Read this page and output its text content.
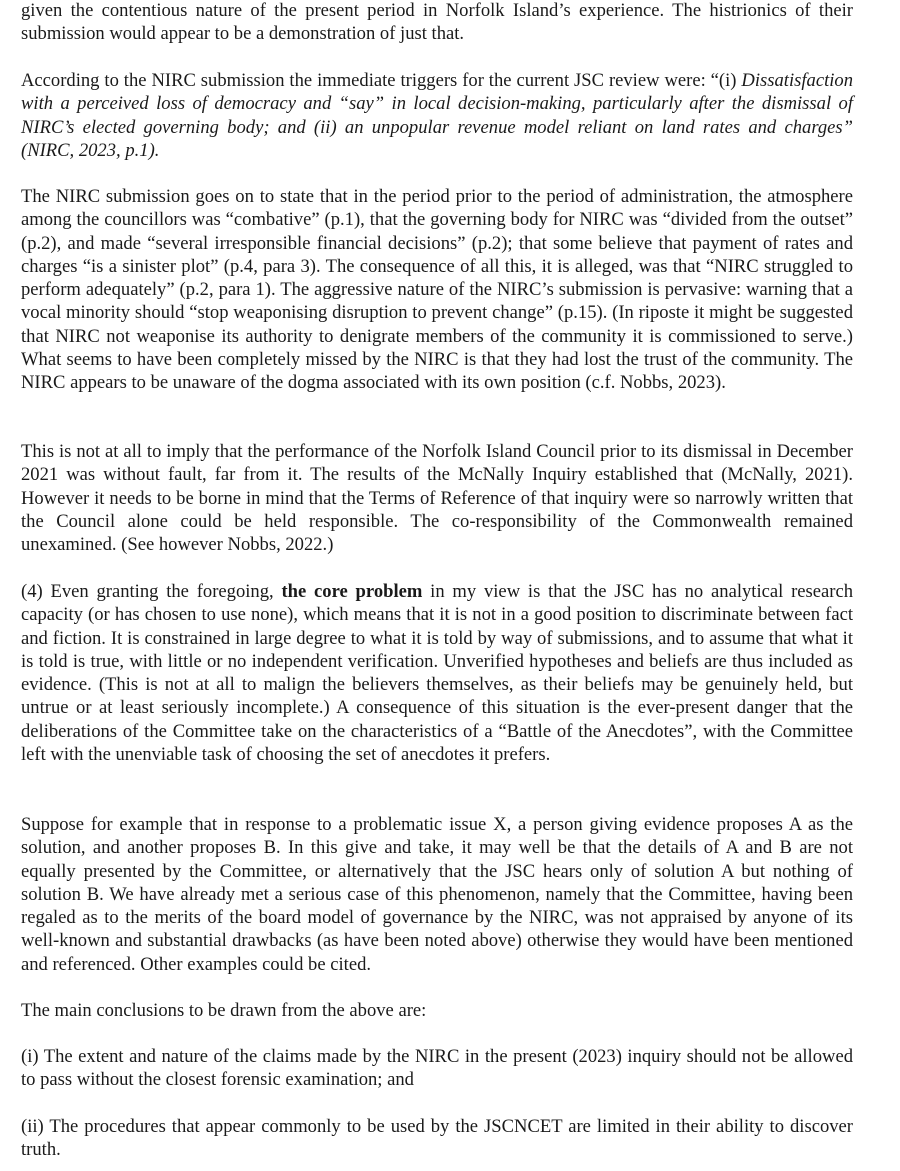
given the contentious nature of the present period in Norfolk Island’s experience. The histrionics of their submission would appear to be a demonstration of just that.

According to the NIRC submission the immediate triggers for the current JSC review were: “(i) Dissatisfaction with a perceived loss of democracy and “say” in local decision-making, particularly after the dismissal of NIRC’s elected governing body; and (ii) an unpopular revenue model reliant on land rates and charges” (NIRC, 2023, p.1).

The NIRC submission goes on to state that in the period prior to the period of administration, the atmosphere among the councillors was “combative” (p.1), that the governing body for NIRC was “divided from the outset” (p.2), and made “several irresponsible financial decisions” (p.2); that some believe that payment of rates and charges “is a sinister plot” (p.4, para 3). The consequence of all this, it is alleged, was that “NIRC struggled to perform adequately” (p.2, para 1). The aggressive nature of the NIRC’s submission is pervasive: warning that a vocal minority should “stop weaponising disruption to prevent change” (p.15). (In riposte it might be suggested that NIRC not weaponise its authority to denigrate members of the community it is commissioned to serve.) What seems to have been completely missed by the NIRC is that they had lost the trust of the community. The NIRC appears to be unaware of the dogma associated with its own position (c.f. Nobbs, 2023).

This is not at all to imply that the performance of the Norfolk Island Council prior to its dismissal in December 2021 was without fault, far from it. The results of the McNally Inquiry established that (McNally, 2021). However it needs to be borne in mind that the Terms of Reference of that inquiry were so narrowly written that the Council alone could be held responsible. The co-responsibility of the Commonwealth remained unexamined. (See however Nobbs, 2022.)

(4) Even granting the foregoing, the core problem in my view is that the JSC has no analytical research capacity (or has chosen to use none), which means that it is not in a good position to discriminate between fact and fiction. It is constrained in large degree to what it is told by way of submissions, and to assume that what it is told is true, with little or no independent verification. Unverified hypotheses and beliefs are thus included as evidence. (This is not at all to malign the believers themselves, as their beliefs may be genuinely held, but untrue or at least seriously incomplete.) A consequence of this situation is the ever-present danger that the deliberations of the Committee take on the characteristics of a “Battle of the Anecdotes”, with the Committee left with the unenviable task of choosing the set of anecdotes it prefers.

Suppose for example that in response to a problematic issue X, a person giving evidence proposes A as the solution, and another proposes B. In this give and take, it may well be that the details of A and B are not equally presented by the Committee, or alternatively that the JSC hears only of solution A but nothing of solution B. We have already met a serious case of this phenomenon, namely that the Committee, having been regaled as to the merits of the board model of governance by the NIRC, was not appraised by anyone of its well-known and substantial drawbacks (as have been noted above) otherwise they would have been mentioned and referenced. Other examples could be cited.

The main conclusions to be drawn from the above are:

(i) The extent and nature of the claims made by the NIRC in the present (2023) inquiry should not be allowed to pass without the closest forensic examination; and

(ii) The procedures that appear commonly to be used by the JSCNCET are limited in their ability to discover truth.
